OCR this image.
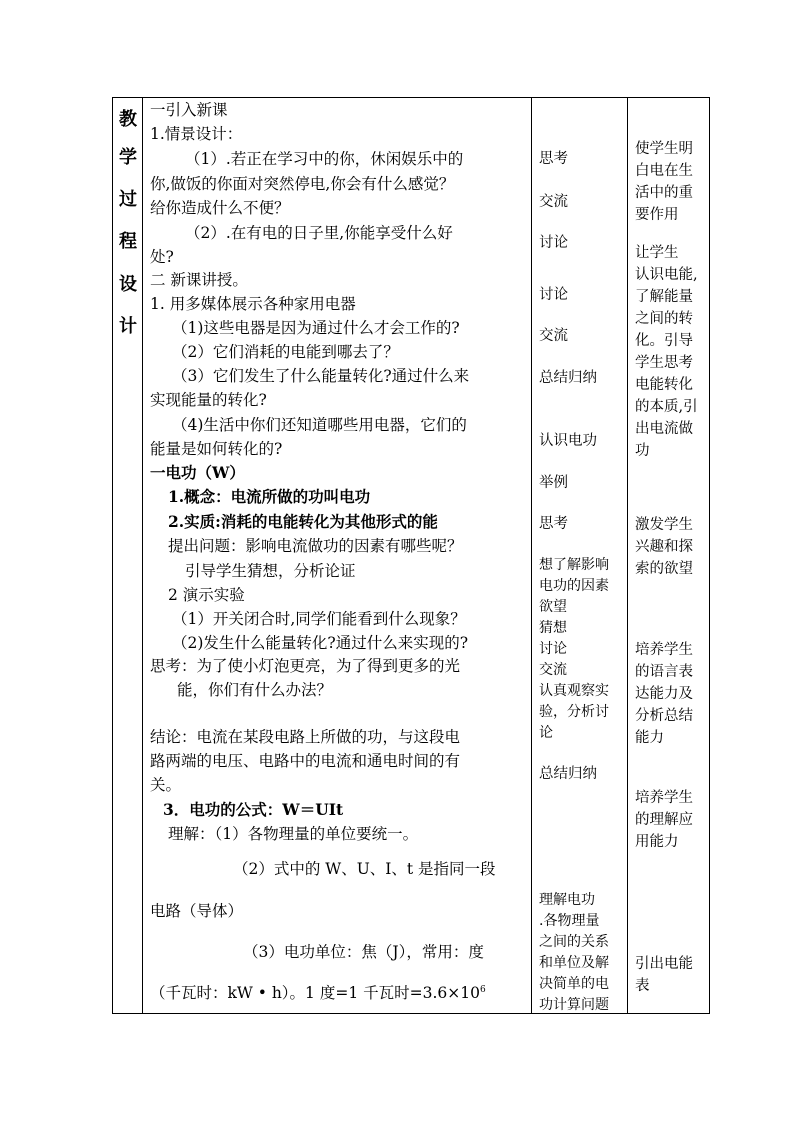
教
学
过
程
设
计
一引入新课
1.情景设计：
（1）.若正在学习中的你，休闲娱乐中的
你,做饭的你面对突然停电,你会有什么感觉？
给你造成什么不便？
（2）.在有电的日子里,你能享受什么好
处?
二 新课讲授。
1. 用多媒体展示各种家用电器
（1)这些电器是因为通过什么才会工作的?
（2）它们消耗的电能到哪去了？
（3）它们发生了什么能量转化?通过什么来
实现能量的转化?
（4)生活中你们还知道哪些用电器，它们的
能量是如何转化的?
一电功（W）
1.概念：电流所做的功叫电功
2.实质:消耗的电能转化为其他形式的能
提出问题：影响电流做功的因素有哪些呢？
引导学生猜想，分析论证
2 演示实验
（1）开关闭合时,同学们能看到什么现象？
（2)发生什么能量转化?通过什么来实现的?
思考：为了使小灯泡更亮，为了得到更多的光
能，你们有什么办法？
结论：电流在某段电路上所做的功，与这段电
路两端的电压、电路中的电流和通电时间的有
关。
3．电功的公式：W＝UIt
理解：（1）各物理量的单位要统一。
（2）式中的 W、U、I、t 是指同一段
电路（导体）
（3）电功单位：焦（J），常用：度
（千瓦时：kW • h）。1 度=1 千瓦时$=3.6\times 10^6$
思考
交流
讨论
讨论
交流
总结归纳
认识电功
举例
思考
想了解影响
电功的因素
欲望
猜想
讨论
交流
认真观察实
验，分析讨
论
总结归纳
理解电功
.各物理量
之间的关系
和单位及解
决简单的电
功计算问题
使学生明
白电在生
活中的重
要作用
让学生
认识电能,
了解能量
之间的转
化。引导
学生思考
电能转化
的本质,引
出电流做
功
激发学生
兴趣和探
索的欲望
培养学生
的语言表
达能力及
分析总结
能力
培养学生
的理解应
用能力
引出电能
表
